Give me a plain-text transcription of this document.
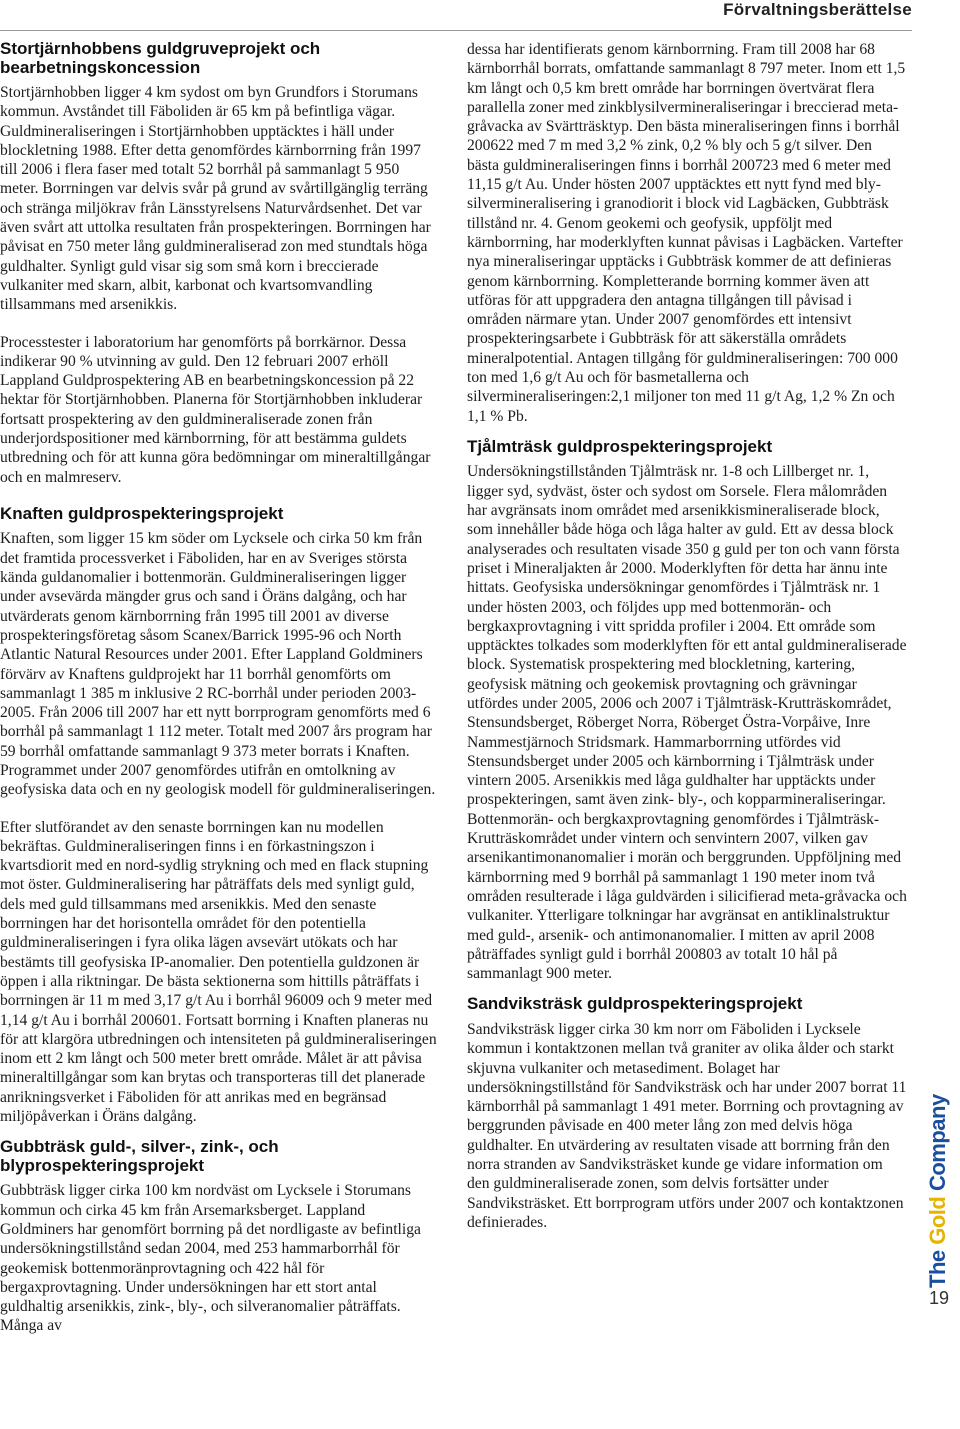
Förvaltningsberättelse
Stortjärnhobbens guldgruveprojekt och bearbetningskoncession

Stortjärnhobben ligger 4 km sydost om byn Grundfors i Storumans kommun. Avståndet till Fäboliden är 65 km på befintliga vägar. Guldmineraliseringen i Stortjärnhobben upptäcktes i häll under blockletning 1988. Efter detta genomfördes kärnborrning från 1997 till 2006 i flera faser med totalt 52 borrhål på sammanlagt 5 950 meter. Borrningen var delvis svår på grund av svårtillgänglig terräng och stränga miljökrav från Länsstyrelsens Naturvårdsenhet. Det var även svårt att uttolka resultaten från prospekteringen. Borrningen har påvisat en 750 meter lång guldmineraliserad zon med stundtals höga guldhalter. Synligt guld visar sig som små korn i breccierade vulkaniter med skarn, albit, karbonat och kvartsomvandling tillsammans med arsenikkis.

Processtester i laboratorium har genomförts på borrkärnor. Dessa indikerar 90 % utvinning av guld. Den 12 februari 2007 erhöll Lappland Guldprospektering AB en bearbetningskoncession på 22 hektar för Stortjärnhobben. Planerna för Stortjärnhobben inkluderar fortsatt prospektering av den guldmineraliserade zonen från underjordspositioner med kärnborrning, för att bestämma guldets utbredning och för att kunna göra bedömningar om mineraltillgångar och en malmreserv.

Knaften guldprospekteringsprojekt

Knaften, som ligger 15 km söder om Lycksele och cirka 50 km från det framtida processverket i Fäboliden, har en av Sveriges största kända guldanomalier i bottenmorän. Guldmineraliseringen ligger under avsevärda mängder grus och sand i Öräns dalgång, och har utvärderats genom kärnborrning från 1995 till 2001 av diverse prospekteringsföretag såsom Scanex/Barrick 1995-96 och North Atlantic Natural Resources under 2001. Efter Lappland Goldminers förvärv av Knaftens guldprojekt har 11 borrhål genomförts om sammanlagt 1 385 m inklusive 2 RC-borrhål under perioden 2003-2005. Från 2006 till 2007 har ett nytt borrprogram genomförts med 6 borrhål på sammanlagt 1 112 meter. Totalt med 2007 års program har 59 borrhål omfattande sammanlagt 9 373 meter borrats i Knaften. Programmet under 2007 genomfördes utifrån en omtolkning av geofysiska data och en ny geologisk modell för guldmineraliseringen.

Efter slutförandet av den senaste borrningen kan nu modellen bekräftas. Guldmineraliseringen finns i en förkastningszon i kvartsdiorit med en nord-sydlig strykning och med en flack stupning mot öster. Guldmineralisering har påträffats dels med synligt guld, dels med guld tillsammans med arsenikkis. Med den senaste borrningen har det horisontella området för den potentiella guldmineraliseringen i fyra olika lägen avsevärt utökats och har bestämts till geofysiska IP-anomalier. Den potentiella guldzonen är öppen i alla riktningar. De bästa sektionerna som hittills påträffats i borrningen är 11 m med 3,17 g/t Au i borrhål 96009 och 9 meter med 1,14 g/t Au i borrhål 200601. Fortsatt borrning i Knaften planeras nu för att klargöra utbredningen och intensiteten på guldmineraliseringen inom ett 2 km långt och 500 meter brett område. Målet är att påvisa mineraltillgångar som kan brytas och transporteras till det planerade anrikningsverket i Fäboliden för att anrikas med en begränsad miljöpåverkan i Öräns dalgång.

Gubbträsk guld-, silver-, zink-, och blyprospekteringsprojekt

Gubbträsk ligger cirka 100 km nordväst om Lycksele i Storumans kommun och cirka 45 km från Arsemarksberget. Lappland Goldminers har genomfört borrning på det nordligaste av befintliga undersökningstillstånd sedan 2004, med 253 hammarborrhål för geokemisk bottenmoränprovtagning och 422 hål för bergaxprovtagning. Under undersökningen har ett stort antal guldhaltig arsenikkis, zink-, bly-, och silveranomalier påträffats. Många av

dessa har identifierats genom kärnborrning. Fram till 2008 har 68 kärnborrhål borrats, omfattande sammanlagt 8 797 meter. Inom ett 1,5 km långt och 0,5 km brett område har borrningen övertvärat flera parallella zoner med zinkblysilvermineraliseringar i breccierad meta-gråvacka av Svärtträsktyp. Den bästa mineraliseringen finns i borrhål 200622 med 7 m med 3,2 % zink, 0,2 % bly och 5 g/t silver. Den bästa guldmineraliseringen finns i borrhål 200723 med 6 meter med 11,15 g/t Au. Under hösten 2007 upptäcktes ett nytt fynd med bly-silvermineralisering i granodiorit i block vid Lagbäcken, Gubbträsk tillstånd nr. 4. Genom geokemi och geofysik, uppföljt med kärnborrning, har moderklyften kunnat påvisas i Lagbäcken. Vartefter nya mineraliseringar upptäcks i Gubbträsk kommer de att definieras genom kärnborrning. Kompletterande borrning kommer även att utföras för att uppgradera den antagna tillgången till påvisad i områden närmare ytan. Under 2007 genomfördes ett intensivt prospekteringsarbete i Gubbträsk för att säkerställa områdets mineralpotential. Antagen tillgång för guldmineraliseringen: 700 000 ton med 1,6 g/t Au och för basmetallerna och silvermineraliseringen:2,1 miljoner ton med 11 g/t Ag, 1,2 % Zn och 1,1 % Pb.

Tjålmträsk guldprospekteringsprojekt

Undersökningstillstånden Tjålmträsk nr. 1-8 och Lillberget nr. 1, ligger syd, sydväst, öster och sydost om Sorsele. Flera målområden har avgränsats inom området med arsenikkismineraliserade block, som innehåller både höga och låga halter av guld. Ett av dessa block analyserades och resultaten visade 350 g guld per ton och vann första priset i Mineraljakten år 2000. Moderklyften för detta har ännu inte hittats. Geofysiska undersökningar genomfördes i Tjålmträsk nr. 1 under hösten 2003, och följdes upp med bottenmorän- och bergkaxprovtagning i vitt spridda profiler i 2004. Ett område som upptäcktes tolkades som moderklyften för ett antal guldmineraliserade block. Systematisk prospektering med blockletning, kartering, geofysisk mätning och geokemisk provtagning och grävningar utfördes under 2005, 2006 och 2007 i Tjålmträsk-Krutträskområdet, Stensundsberget, Röberget Norra, Röberget Östra-Vorpåive, Inre Nammestjärnoch Stridsmark. Hammarborrning utfördes vid Stensundsberget under 2005 och kärnborrning i Tjålmträsk under vintern 2005. Arsenikkis med låga guldhalter har upptäckts under prospekteringen, samt även zink- bly-, och kopparmineraliseringar. Bottenmorän- och bergkaxprovtagning genomfördes i Tjålmträsk-Krutträskområdet under vintern och senvintern 2007, vilken gav arsenikantimonanomalier i morän och berggrunden. Uppföljning med kärnborrning med 9 borrhål på sammanlagt 1 190 meter inom två områden resulterade i låga guldvärden i silicifierad meta-gråvacka och vulkaniter. Ytterligare tolkningar har avgränsat en antiklinalstruktur med guld-, arsenik- och antimonanomalier. I mitten av april 2008 påträffades synligt guld i borrhål 200803 av totalt 10 hål på sammanlagt 900 meter.

Sandviksträsk guldprospekteringsprojekt

Sandviksträsk ligger cirka 30 km norr om Fäboliden i Lycksele kommun i kontaktzonen mellan två graniter av olika ålder och starkt skjuvna vulkaniter och metasediment. Bolaget har undersökningstillstånd för Sandviksträsk och har under 2007 borrat 11 kärnborrhål på sammanlagt 1 491 meter. Borrning och provtagning av berggrunden påvisade en 400 meter lång zon med delvis höga guldhalter. En utvärdering av resultaten visade att borrning från den norra stranden av Sandviksträsket kunde ge vidare information om den guldmineraliserade zonen, som delvis fortsätter under Sandviksträsket. Ett borrprogram utförs under 2007 och kontaktzonen definierades.

The Gold Company
19
